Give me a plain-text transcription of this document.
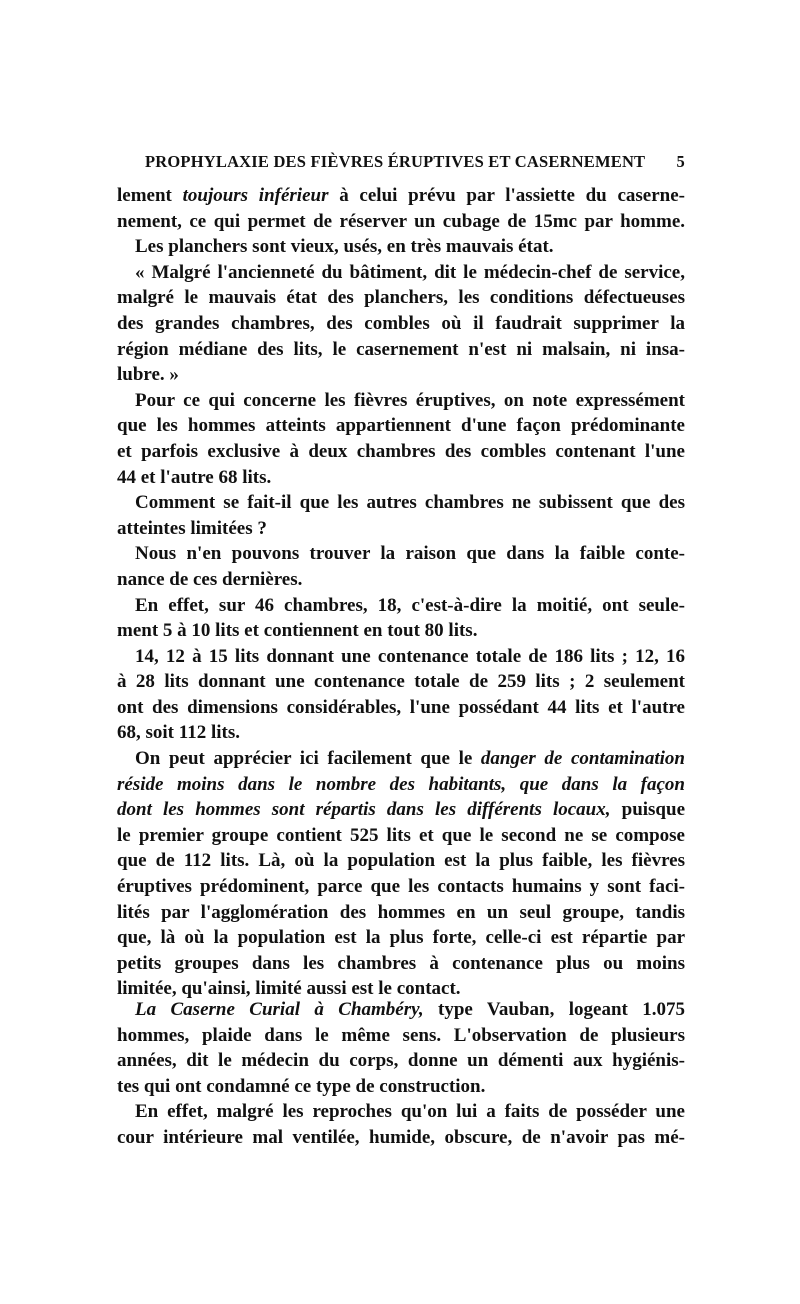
PROPHYLAXIE DES FIÈVRES ÉRUPTIVES ET CASERNEMENT 5
lement toujours inférieur à celui prévu par l'assiette du caserne-
nement, ce qui permet de réserver un cubage de 15mc par homme.
Les planchers sont vieux, usés, en très mauvais état.
« Malgré l'ancienneté du bâtiment, dit le médecin-chef de service,
malgré le mauvais état des planchers, les conditions défectueuses
des grandes chambres, des combles où il faudrait supprimer la
région médiane des lits, le casernement n'est ni malsain, ni insa-
lubre. »
Pour ce qui concerne les fièvres éruptives, on note expressément
que les hommes atteints appartiennent d'une façon prédominante
et parfois exclusive à deux chambres des combles contenant l'une
44 et l'autre 68 lits.
Comment se fait-il que les autres chambres ne subissent que des
atteintes limitées ?
Nous n'en pouvons trouver la raison que dans la faible conte-
nance de ces dernières.
En effet, sur 46 chambres, 18, c'est-à-dire la moitié, ont seule-
ment 5 à 10 lits et contiennent en tout 80 lits.
14, 12 à 15 lits donnant une contenance totale de 186 lits ; 12, 16
à 28 lits donnant une contenance totale de 259 lits ; 2 seulement
ont des dimensions considérables, l'une possédant 44 lits et l'autre
68, soit 112 lits.
On peut apprécier ici facilement que le danger de contamination
réside moins dans le nombre des habitants, que dans la façon
dont les hommes sont répartis dans les différents locaux, puisque
le premier groupe contient 525 lits et que le second ne se compose
que de 112 lits. Là, où la population est la plus faible, les fièvres
éruptives prédominent, parce que les contacts humains y sont faci-
lités par l'agglomération des hommes en un seul groupe, tandis
que, là où la population est la plus forte, celle-ci est répartie par
petits groupes dans les chambres à contenance plus ou moins
limitée, qu'ainsi, limité aussi est le contact.
La Caserne Curial à Chambéry, type Vauban, logeant 1.075
hommes, plaide dans le même sens. L'observation de plusieurs
années, dit le médecin du corps, donne un démenti aux hygiénis-
tes qui ont condamné ce type de construction.
En effet, malgré les reproches qu'on lui a faits de posséder une
cour intérieure mal ventilée, humide, obscure, de n'avoir pas mé-
